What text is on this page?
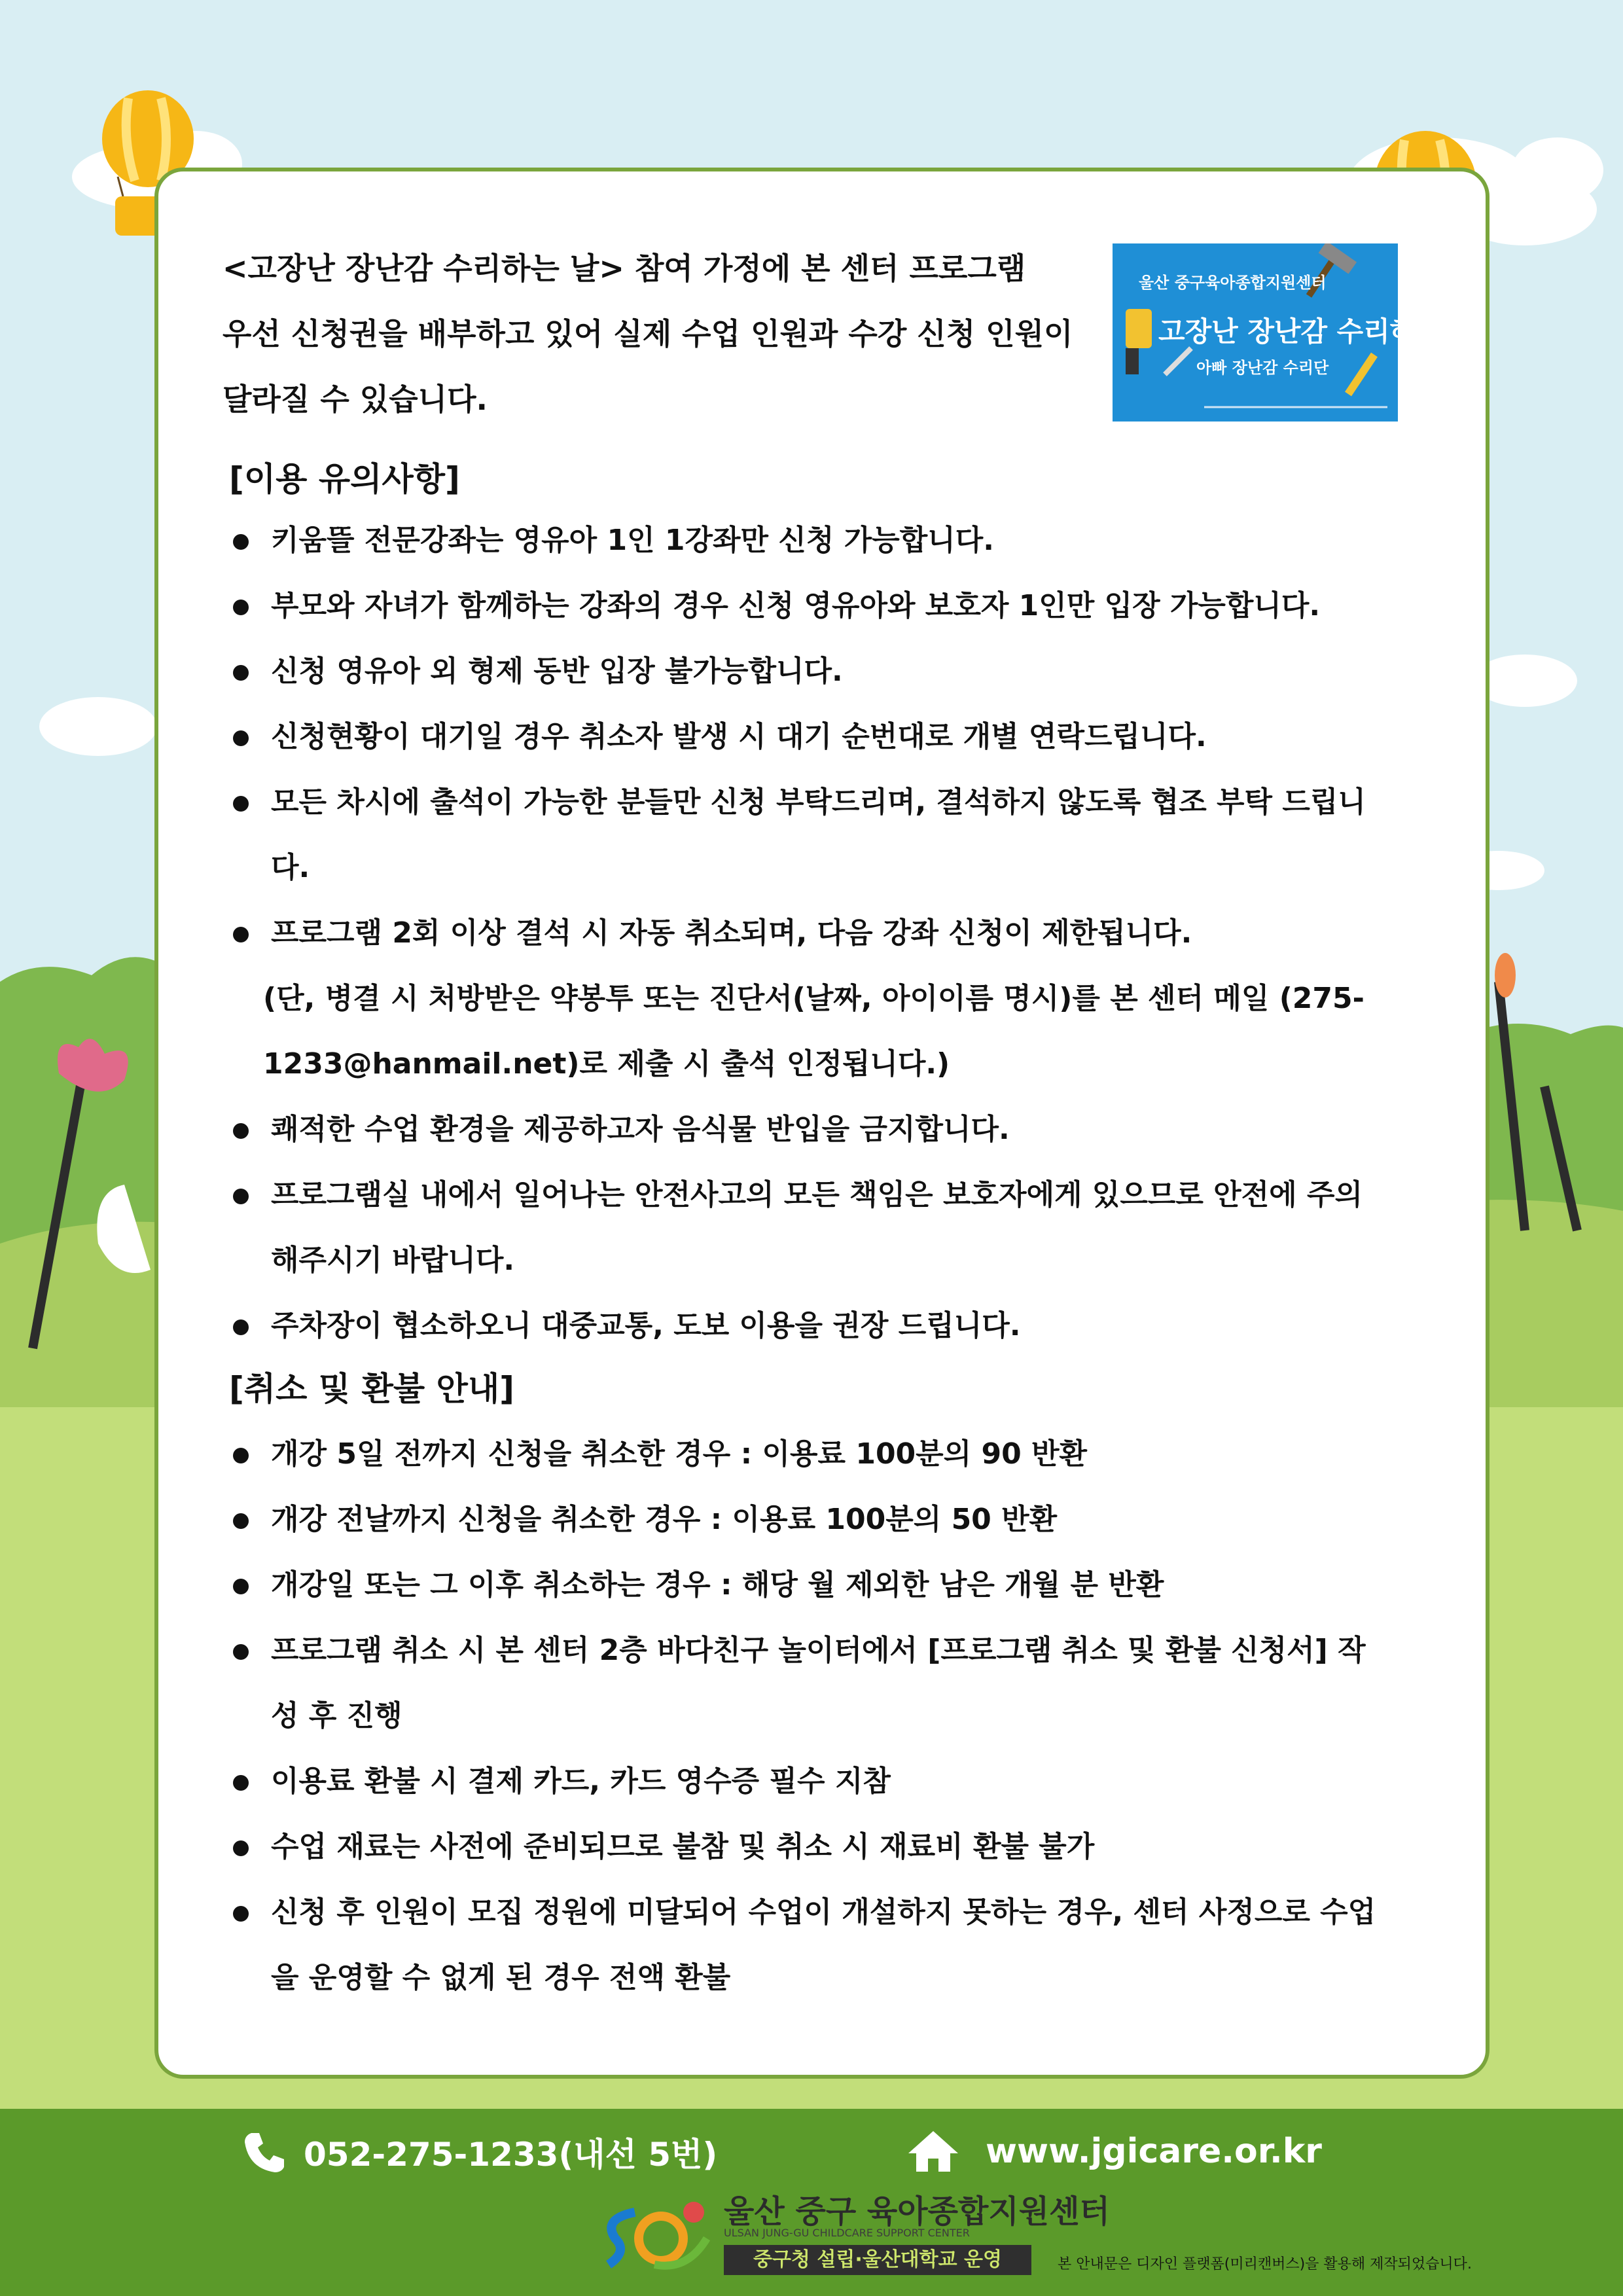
<고장난 장난감 수리하는 날> 참여 가정에 본 센터 프로그램
우선 신청권을 배부하고 있어 실제 수업 인원과 수강 신청 인원이
달라질 수 있습니다.
울산 중구육아종합지원센터
고장난 장난감 수리하는 날
아빠 장난감 수리단
[이용 유의사항]
키움뜰 전문강좌는 영유아 1인 1강좌만 신청 가능합니다.
부모와 자녀가 함께하는 강좌의 경우 신청 영유아와 보호자 1인만 입장 가능합니다.
신청 영유아 외 형제 동반 입장 불가능합니다.
신청현황이 대기일 경우 취소자 발생 시 대기 순번대로 개별 연락드립니다.
모든 차시에 출석이 가능한 분들만 신청 부탁드리며, 결석하지 않도록 협조 부탁 드립니다.
프로그램 2회 이상 결석 시 자동 취소되며, 다음 강좌 신청이 제한됩니다.
(단, 병결 시 처방받은 약봉투 또는 진단서(날짜, 아이이름 명시)를 본 센터 메일 (275-1233@hanmail.net)로 제출 시 출석 인정됩니다.)
쾌적한 수업 환경을 제공하고자 음식물 반입을 금지합니다.
프로그램실 내에서 일어나는 안전사고의 모든 책임은 보호자에게 있으므로 안전에 주의해주시기 바랍니다.
주차장이 협소하오니 대중교통, 도보 이용을 권장 드립니다.
[취소 및 환불 안내]
개강 5일 전까지 신청을 취소한 경우 : 이용료 100분의 90 반환
개강 전날까지 신청을 취소한 경우 : 이용료 100분의 50 반환
개강일 또는 그 이후 취소하는 경우 : 해당 월 제외한 남은 개월 분 반환
프로그램 취소 시 본 센터 2층 바다친구 놀이터에서 [프로그램 취소 및 환불 신청서] 작성 후 진행
이용료 환불 시 결제 카드, 카드 영수증 필수 지참
수업 재료는 사전에 준비되므로 불참 및 취소 시 재료비 환불 불가
신청 후 인원이 모집 정원에 미달되어 수업이 개설하지 못하는 경우, 센터 사정으로 수업을 운영할 수 없게 된 경우 전액 환불
052-275-1233(내선 5번)	www.jgicare.or.kr
울산 중구 육아종합지원센터
ULSAN JUNG-GU CHILDCARE SUPPORT CENTER
중구청 설립·울산대학교 운영	본 안내문은 디자인 플랫폼(미리캔버스)을 활용해 제작되었습니다.
